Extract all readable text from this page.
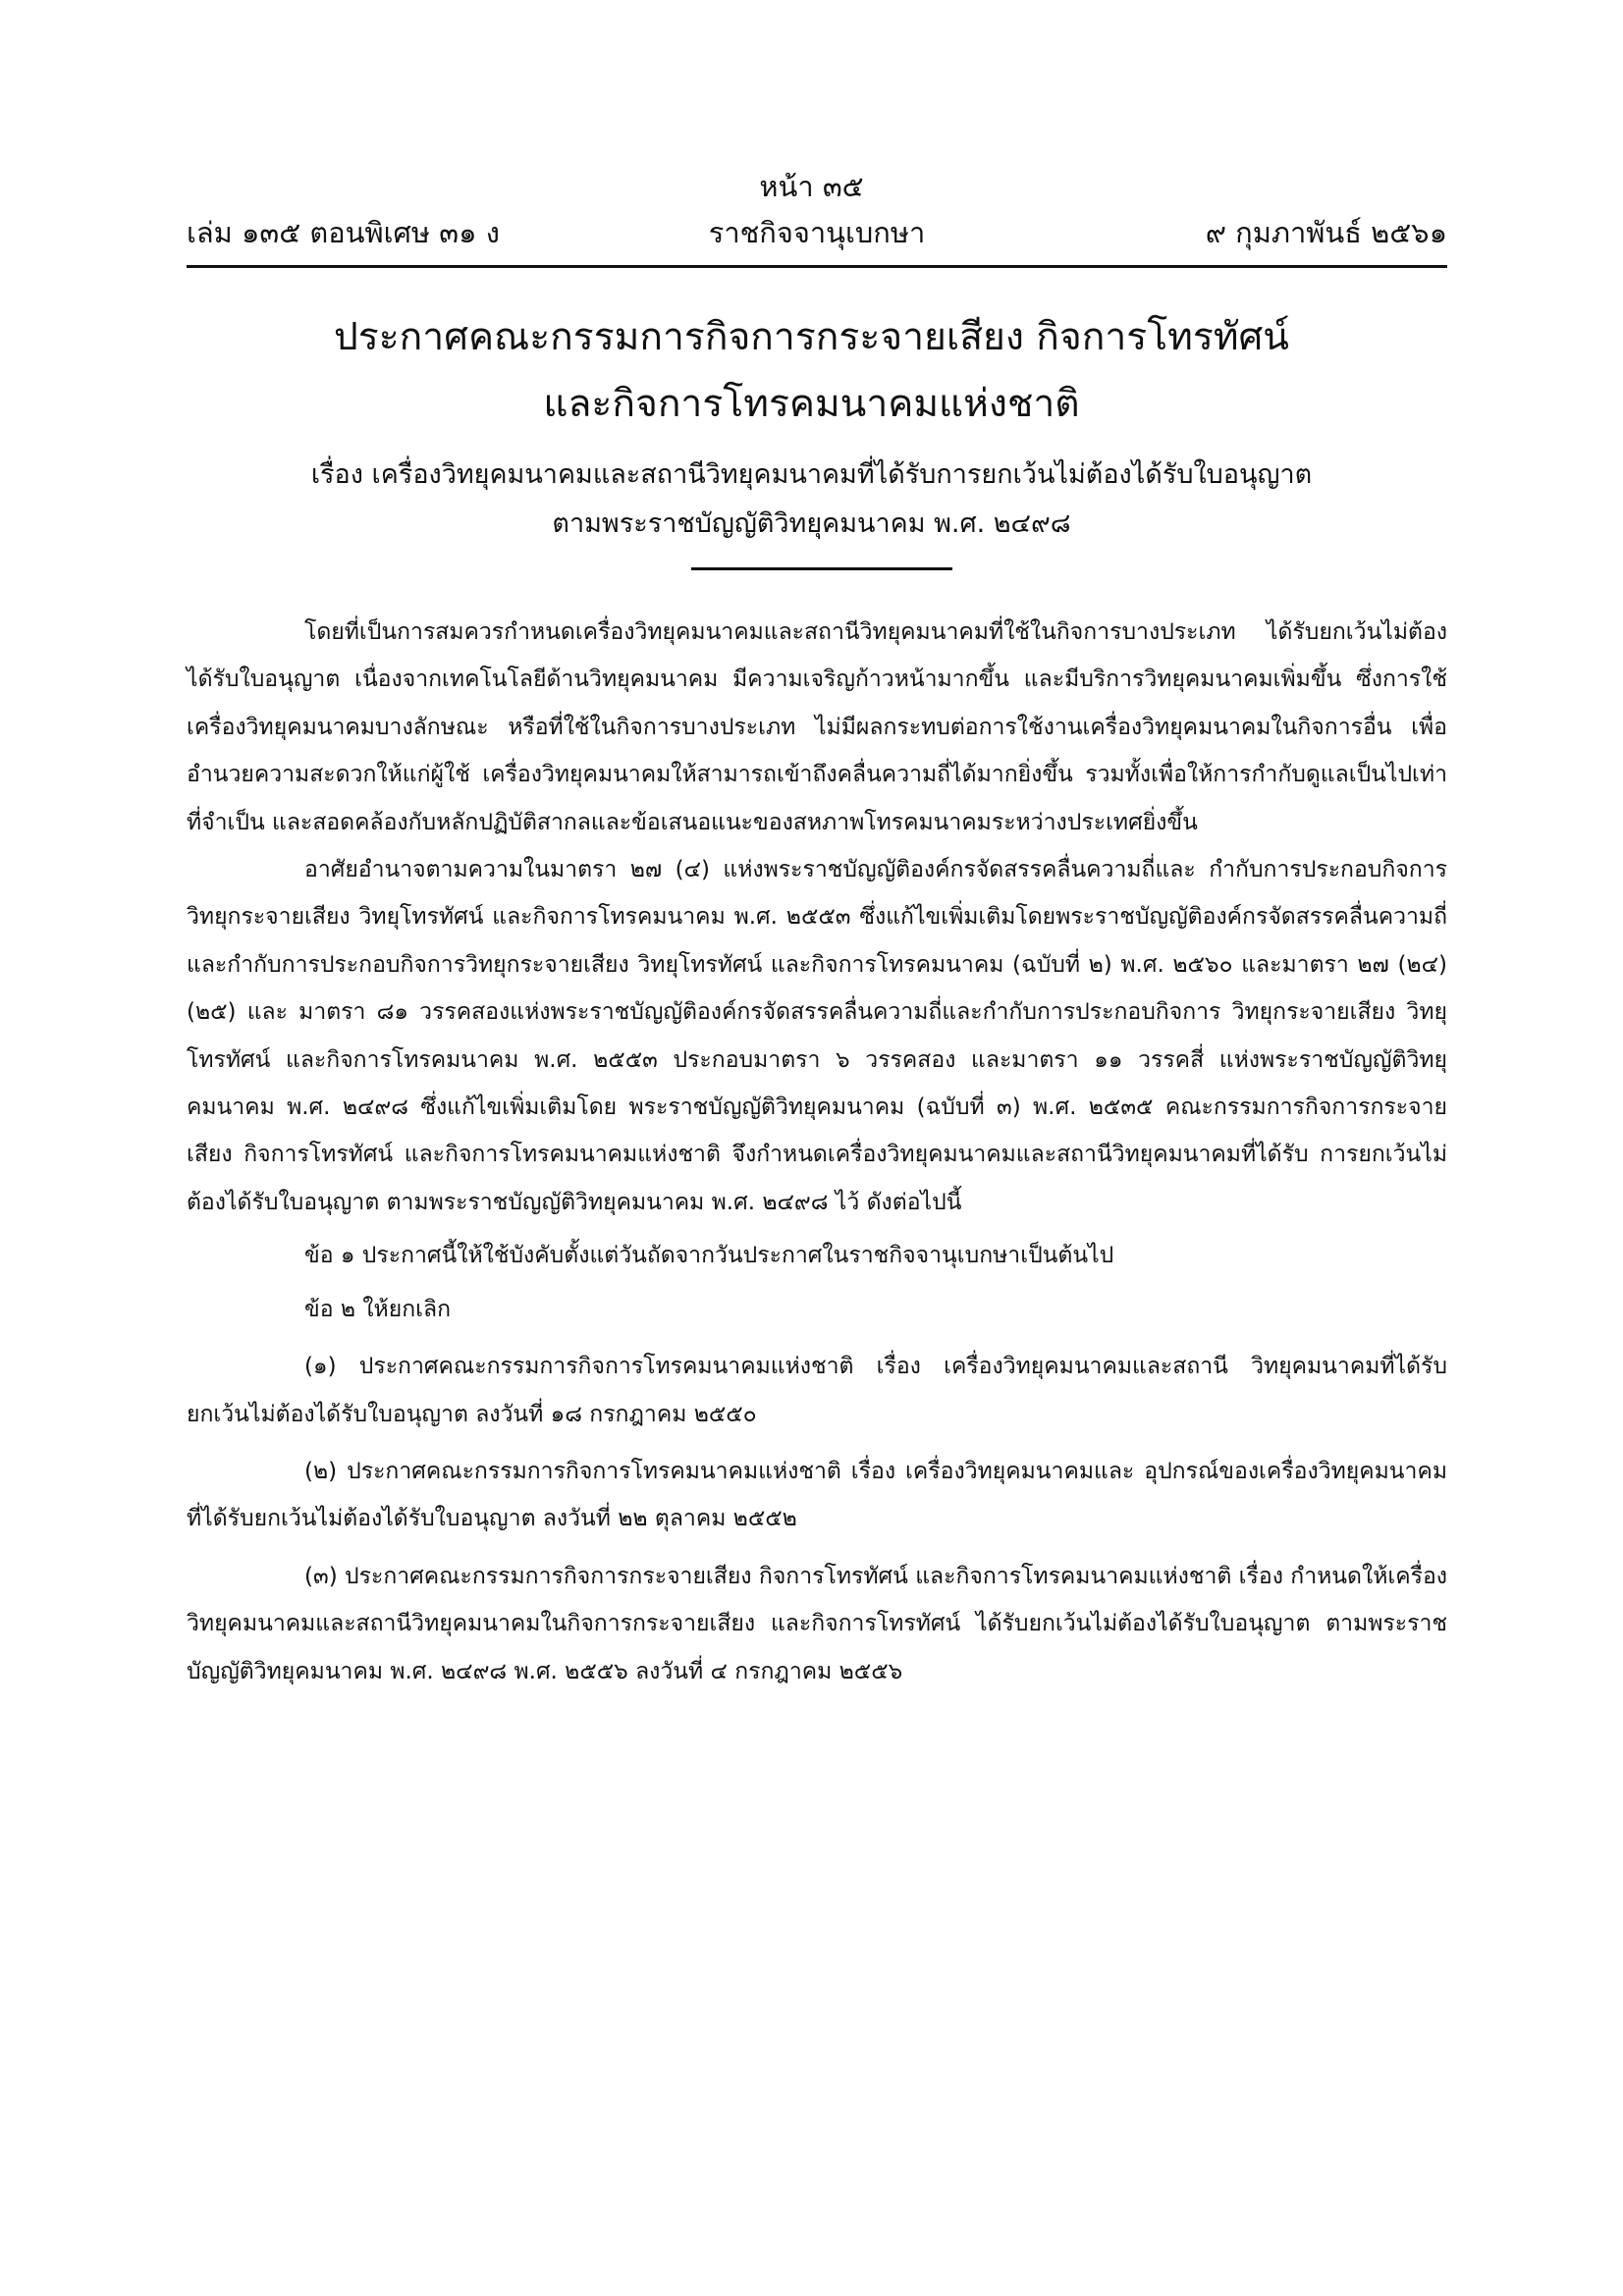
หน้า ๓๕
ราชกิจจานุเบกษา
เล่ม ๑๓๕ ตอนพิเศษ ๓๑ ง	๙ กุมภาพันธ์ ๒๕๖๑
ประกาศคณะกรรมการกิจการกระจายเสียง กิจการโทรทัศน์
และกิจการโทรคมนาคมแห่งชาติ
เรื่อง เครื่องวิทยุคมนาคมและสถานีวิทยุคมนาคมที่ได้รับการยกเว้นไม่ต้องได้รับใบอนุญาต
ตามพระราชบัญญัติวิทยุคมนาคม พ.ศ. ๒๔๙๘

โดยที่เป็นการสมควรกำหนดเครื่องวิทยุคมนาคมและสถานีวิทยุคมนาคมที่ใช้ในกิจการบางประเภท ได้รับยกเว้นไม่ต้องได้รับใบอนุญาต เนื่องจากเทคโนโลยีด้านวิทยุคมนาคม มีความเจริญก้าวหน้ามากขึ้น และมีบริการวิทยุคมนาคมเพิ่มขึ้น ซึ่งการใช้เครื่องวิทยุคมนาคมบางลักษณะ หรือที่ใช้ในกิจการบางประเภท ไม่มีผลกระทบต่อการใช้งานเครื่องวิทยุคมนาคมในกิจการอื่น เพื่ออำนวยความสะดวกให้แก่ผู้ใช้ เครื่องวิทยุคมนาคมให้สามารถเข้าถึงคลื่นความถี่ได้มากยิ่งขึ้น รวมทั้งเพื่อให้การกำกับดูแลเป็นไปเท่าที่จำเป็น และสอดคล้องกับหลักปฏิบัติสากลและข้อเสนอแนะของสหภาพโทรคมนาคมระหว่างประเทศยิ่งขึ้น

อาศัยอำนาจตามความในมาตรา ๒๗ (๔) แห่งพระราชบัญญัติองค์กรจัดสรรคลื่นความถี่และ กำกับการประกอบกิจการวิทยุกระจายเสียง วิทยุโทรทัศน์ และกิจการโทรคมนาคม พ.ศ. ๒๕๕๓ ซึ่งแก้ไขเพิ่มเติมโดยพระราชบัญญัติองค์กรจัดสรรคลื่นความถี่และกำกับการประกอบกิจการวิทยุกระจายเสียง วิทยุโทรทัศน์ และกิจการโทรคมนาคม (ฉบับที่ ๒) พ.ศ. ๒๕๖๐ และมาตรา ๒๗ (๒๔) (๒๕) และ มาตรา ๘๑ วรรคสองแห่งพระราชบัญญัติองค์กรจัดสรรคลื่นความถี่และกำกับการประกอบกิจการ วิทยุกระจายเสียง วิทยุโทรทัศน์ และกิจการโทรคมนาคม พ.ศ. ๒๕๕๓ ประกอบมาตรา ๖ วรรคสอง และมาตรา ๑๑ วรรคสี่ แห่งพระราชบัญญัติวิทยุคมนาคม พ.ศ. ๒๔๙๘ ซึ่งแก้ไขเพิ่มเติมโดย พระราชบัญญัติวิทยุคมนาคม (ฉบับที่ ๓) พ.ศ. ๒๕๓๕ คณะกรรมการกิจการกระจายเสียง กิจการโทรทัศน์ และกิจการโทรคมนาคมแห่งชาติ จึงกำหนดเครื่องวิทยุคมนาคมและสถานีวิทยุคมนาคมที่ได้รับ การยกเว้นไม่ต้องได้รับใบอนุญาต ตามพระราชบัญญัติวิทยุคมนาคม พ.ศ. ๒๔๙๘ ไว้ ดังต่อไปนี้

ข้อ ๑ ประกาศนี้ให้ใช้บังคับตั้งแต่วันถัดจากวันประกาศในราชกิจจานุเบกษาเป็นต้นไป

ข้อ ๒ ให้ยกเลิก

(๑) ประกาศคณะกรรมการกิจการโทรคมนาคมแห่งชาติ เรื่อง เครื่องวิทยุคมนาคมและสถานี วิทยุคมนาคมที่ได้รับยกเว้นไม่ต้องได้รับใบอนุญาต ลงวันที่ ๑๘ กรกฎาคม ๒๕๕๐

(๒) ประกาศคณะกรรมการกิจการโทรคมนาคมแห่งชาติ เรื่อง เครื่องวิทยุคมนาคมและ อุปกรณ์ของเครื่องวิทยุคมนาคมที่ได้รับยกเว้นไม่ต้องได้รับใบอนุญาต ลงวันที่ ๒๒ ตุลาคม ๒๕๕๒

(๓) ประกาศคณะกรรมการกิจการกระจายเสียง กิจการโทรทัศน์ และกิจการโทรคมนาคมแห่งชาติ เรื่อง กำหนดให้เครื่องวิทยุคมนาคมและสถานีวิทยุคมนาคมในกิจการกระจายเสียง และกิจการโทรทัศน์ ได้รับยกเว้นไม่ต้องได้รับใบอนุญาต ตามพระราชบัญญัติวิทยุคมนาคม พ.ศ. ๒๔๙๘ พ.ศ. ๒๕๕๖ ลงวันที่ ๔ กรกฎาคม ๒๕๕๖
